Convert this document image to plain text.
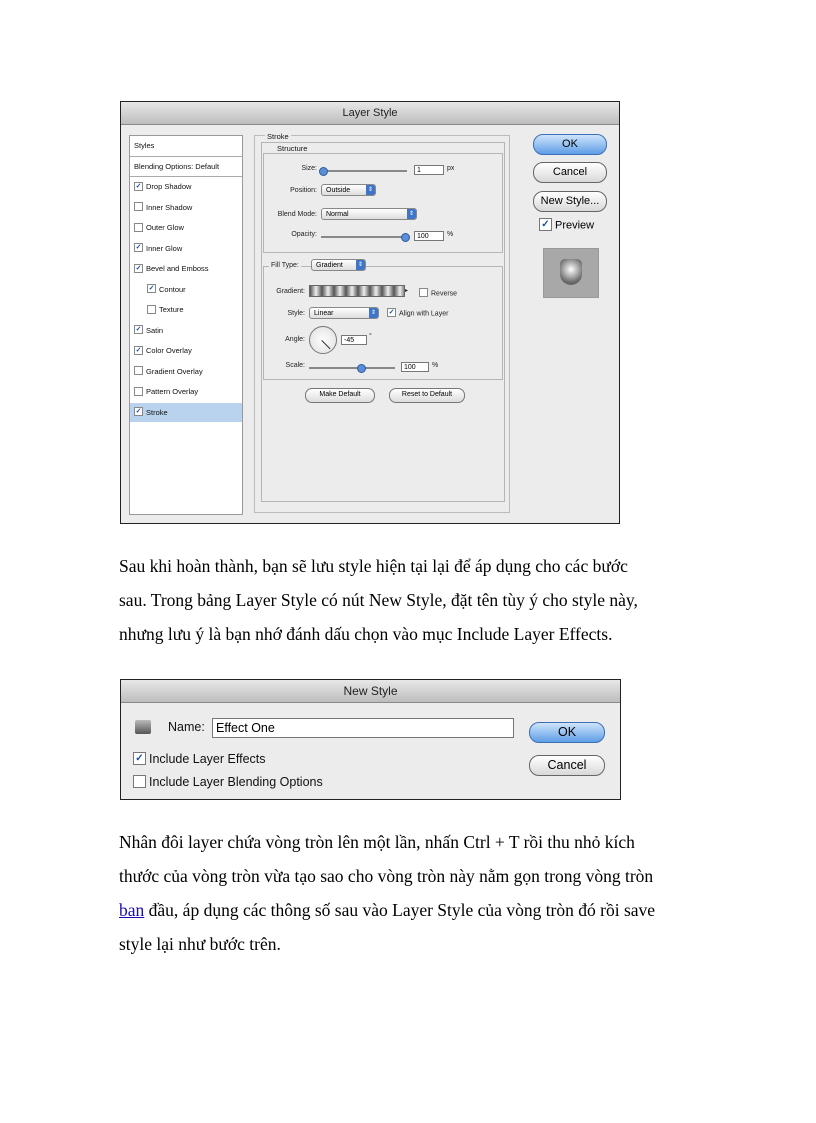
Layer Style
Styles
Blending Options: Default
✓ Drop Shadow
Inner Shadow
Outer Glow
✓ Inner Glow
✓ Bevel and Emboss
✓ Contour
Texture
✓ Satin
✓ Color Overlay
Gradient Overlay
Pattern Overlay
✓ Stroke
Stroke
Structure
Size:	1	px
Position:	Outside	⇕
Blend Mode:	Normal	⇕
Opacity:	100	%
Fill Type:	Gradient	⇕
Gradient:	▸	Reverse
Style:	Linear	⇕ ✓ Align with Layer
Angle:	-45
°
Scale:	100	%
Make Default	Reset to Default
OK
Cancel
New Style...
✓ Preview

Sau khi hoàn thành, bạn sẽ lưu style hiện tại lại để áp dụng cho các bước

sau. Trong bảng Layer Style có nút New Style, đặt tên tùy ý cho style này,

nhưng lưu ý là bạn nhớ đánh dấu chọn vào mục Include Layer Effects.

New Style
Name: Effect One
✓ Include Layer Effects
Include Layer Blending Options
OK
Cancel

Nhân đôi layer chứa vòng tròn lên một lần, nhấn Ctrl + T rồi thu nhỏ kích

thước của vòng tròn vừa tạo sao cho vòng tròn này nằm gọn trong vòng tròn

ban đầu, áp dụng các thông số sau vào Layer Style của vòng tròn đó rồi save

style lại như bước trên.
